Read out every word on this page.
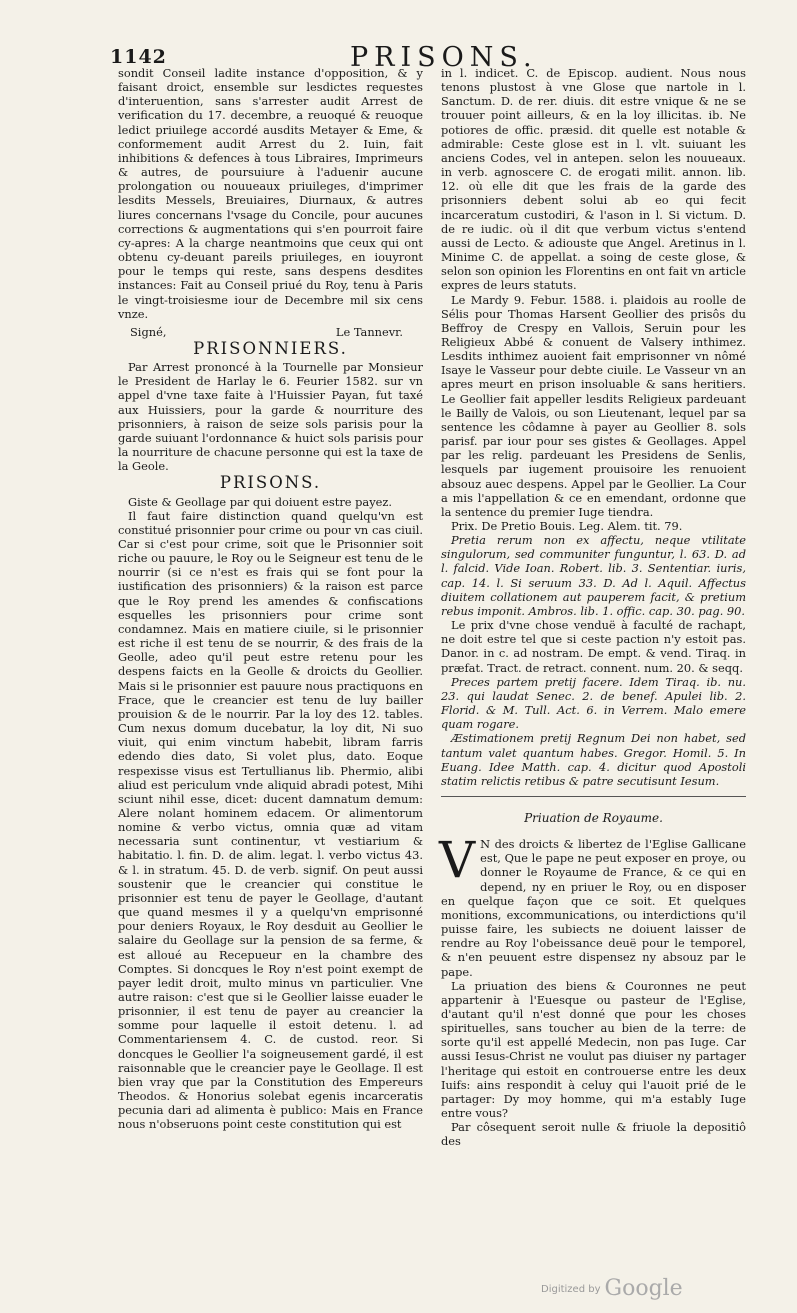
1142	PRISONS.

sondit Conseil ladite instance d'opposition, & y faisant droict, ensemble sur lesdictes requestes d'interuention, sans s'arrester audit Arrest de verification du 17. decembre, a reuoqué & reuoque ledict priuilege accordé ausdits Metayer & Eme, & conformement audit Arrest du 2. Iuin, fait inhibitions & defences à tous Libraires, Imprimeurs & autres, de poursuiure à l'aduenir aucune prolongation ou nouueaux priuileges, d'imprimer lesdits Messels, Breuiaires, Diurnaux, & autres liures concernans l'vsage du Concile, pour aucunes corrections & augmentations qui s'en pourroit faire cy-apres: A la charge neantmoins que ceux qui ont obtenu cy-deuant pareils priuileges, en iouyront pour le temps qui reste, sans despens desdites instances: Fait au Conseil priué du Roy, tenu à Paris le vingt-troisiesme iour de Decembre mil six cens vnze.

Signé,	Le Tannevr.
PRISONNIERS.

Par Arrest prononcé à la Tournelle par Monsieur le President de Harlay le 6. Feurier 1582. sur vn appel d'vne taxe faite à l'Huissier Payan, fut taxé aux Huissiers, pour la garde & nourriture des prisonniers, à raison de seize sols parisis pour la garde suiuant l'ordonnance & huict sols parisis pour la nourriture de chacune personne qui est la taxe de la Geole.

PRISONS.

Giste & Geollage par qui doiuent estre payez.

Il faut faire distinction quand quelqu'vn est constitué prisonnier pour crime ou pour vn cas ciuil. Car si c'est pour crime, soit que le Prisonnier soit riche ou pauure, le Roy ou le Seigneur est tenu de le nourrir (si ce n'est es frais qui se font pour la iustification des prisonniers) & la raison est parce que le Roy prend les amendes & confiscations esquelles les prisonniers pour crime sont condamnez. Mais en matiere ciuile, si le prisonnier est riche il est tenu de se nourrir, & des frais de la Geolle, adeo qu'il peut estre retenu pour les despens faicts en la Geolle & droicts du Geollier. Mais si le prisonnier est pauure nous practiquons en Frace, que le creancier est tenu de luy bailler prouision & de le nourrir. Par la loy des 12. tables. Cum nexus domum ducebatur, la loy dit, Ni suo viuit, qui enim vinctum habebit, libram farris edendo dies dato, Si volet plus, dato. Eoque respexisse visus est Tertullianus lib. Phermio, alibi aliud est periculum vnde aliquid abradi potest, Mihi sciunt nihil esse, dicet: ducent damnatum demum: Alere nolant hominem edacem. Or alimentorum nomine & verbo victus, omnia quæ ad vitam necessaria sunt continentur, vt vestiarium & habitatio. l. fin. D. de alim. legat. l. verbo victus 43. & l. in stratum. 45. D. de verb. signif. On peut aussi soustenir que le creancier qui constitue le prisonnier est tenu de payer le Geollage, d'autant que quand mesmes il y a quelqu'vn emprisonné pour deniers Royaux, le Roy desduit au Geollier le salaire du Geollage sur la pension de sa ferme, & est alloué au Recepueur en la chambre des Comptes. Si doncques le Roy n'est point exempt de payer ledit droit, multo minus vn particulier. Vne autre raison: c'est que si le Geollier laisse euader le prisonnier, il est tenu de payer au creancier la somme pour laquelle il estoit detenu. l. ad Commentariensem 4. C. de custod. reor. Si doncques le Geollier l'a soigneusement gardé, il est raisonnable que le creancier paye le Geollage. Il est bien vray que par la Constitution des Empereurs Theodos. & Honorius solebat egenis incarceratis pecunia dari ad alimenta è publico: Mais en France nous n'obseruons point ceste constitution qui est

in l. indicet. C. de Episcop. audient. Nous nous tenons plustost à vne Glose que nartole in l. Sanctum. D. de rer. diuis. dit estre vnique & ne se trouuer point ailleurs, & en la loy illicitas. ib. Ne potiores de offic. præsid. dit quelle est notable & admirable: Ceste glose est in l. vlt. suiuant les anciens Codes, vel in antepen. selon les nouueaux. in verb. agnoscere C. de erogati milit. annon. lib. 12. où elle dit que les frais de la garde des prisonniers debent solui ab eo qui fecit incarceratum custodiri, & l'ason in l. Si victum. D. de re iudic. où il dit que verbum victus s'entend aussi de Lecto. & adiouste que Angel. Aretinus in l. Minime C. de appellat. a soing de ceste glose, & selon son opinion les Florentins en ont fait vn article expres de leurs statuts.

Le Mardy 9. Febur. 1588. i. plaidois au roolle de Sélis pour Thomas Harsent Geollier des prisôs du Beffroy de Crespy en Vallois, Seruin pour les Religieux Abbé & conuent de Valsery inthimez. Lesdits inthimez auoient fait emprisonner vn nômé Isaye le Vasseur pour debte ciuile. Le Vasseur vn an apres meurt en prison insoluable & sans heritiers. Le Geollier fait appeller lesdits Religieux pardeuant le Bailly de Valois, ou son Lieutenant, lequel par sa sentence les côdamne à payer au Geollier 8. sols parisf. par iour pour ses gistes & Geollages. Appel par les relig. pardeuant les Presidens de Senlis, lesquels par iugement prouisoire les renuoient absouz auec despens. Appel par le Geollier. La Cour a mis l'appellation & ce en emendant, ordonne que la sentence du premier Iuge tiendra.

Prix. De Pretio Bouis. Leg. Alem. tit. 79.

Pretia rerum non ex affectu, neque vtilitate singulorum, sed communiter funguntur, l. 63. D. ad l. falcid. Vide Ioan. Robert. lib. 3. Sententiar. iuris, cap. 14. l. Si seruum 33. D. Ad l. Aquil. Affectus diuitem collationem aut pauperem facit, & pretium rebus imponit. Ambros. lib. 1. offic. cap. 30. pag. 90.

Le prix d'vne chose venduë à faculté de rachapt, ne doit estre tel que si ceste paction n'y estoit pas. Danor. in c. ad nostram. De empt. & vend. Tiraq. in præfat. Tract. de retract. connent. num. 20. & seqq.

Preces partem pretij facere. Idem Tiraq. ib. nu. 23. qui laudat Senec. 2. de benef. Apulei lib. 2. Florid. & M. Tull. Act. 6. in Verrem. Malo emere quam rogare.

Æstimationem pretij Regnum Dei non habet, sed tantum valet quantum habes. Gregor. Homil. 5. In Euang. Idee Matth. cap. 4. dicitur quod Apostoli statim relictis retibus & patre secutisunt Iesum.

Priuation de Royaume.

V N des droicts & libertez de l'Eglise Gallicane est, Que le pape ne peut exposer en proye, ou donner le Royaume de France, & ce qui en depend, ny en priuer le Roy, ou en disposer en quelque façon que ce soit. Et quelques monitions, excommunications, ou interdictions qu'il puisse faire, les subiects ne doiuent laisser de rendre au Roy l'obeissance deuë pour le temporel, & n'en peuuent estre dispensez ny absouz par le pape.

La priuation des biens & Couronnes ne peut appartenir à l'Euesque ou pasteur de l'Eglise, d'autant qu'il n'est donné que pour les choses spirituelles, sans toucher au bien de la terre: de sorte qu'il est appellé Medecin, non pas Iuge. Car aussi Iesus-Christ ne voulut pas diuiser ny partager l'heritage qui estoit en controuerse entre les deux Iuifs: ains respondit à celuy qui l'auoit prié de le partager: Dy moy homme, qui m'a estably Iuge entre vous?

Par côsequent seroit nulle & friuole la depositiô des

Digitized by Google
